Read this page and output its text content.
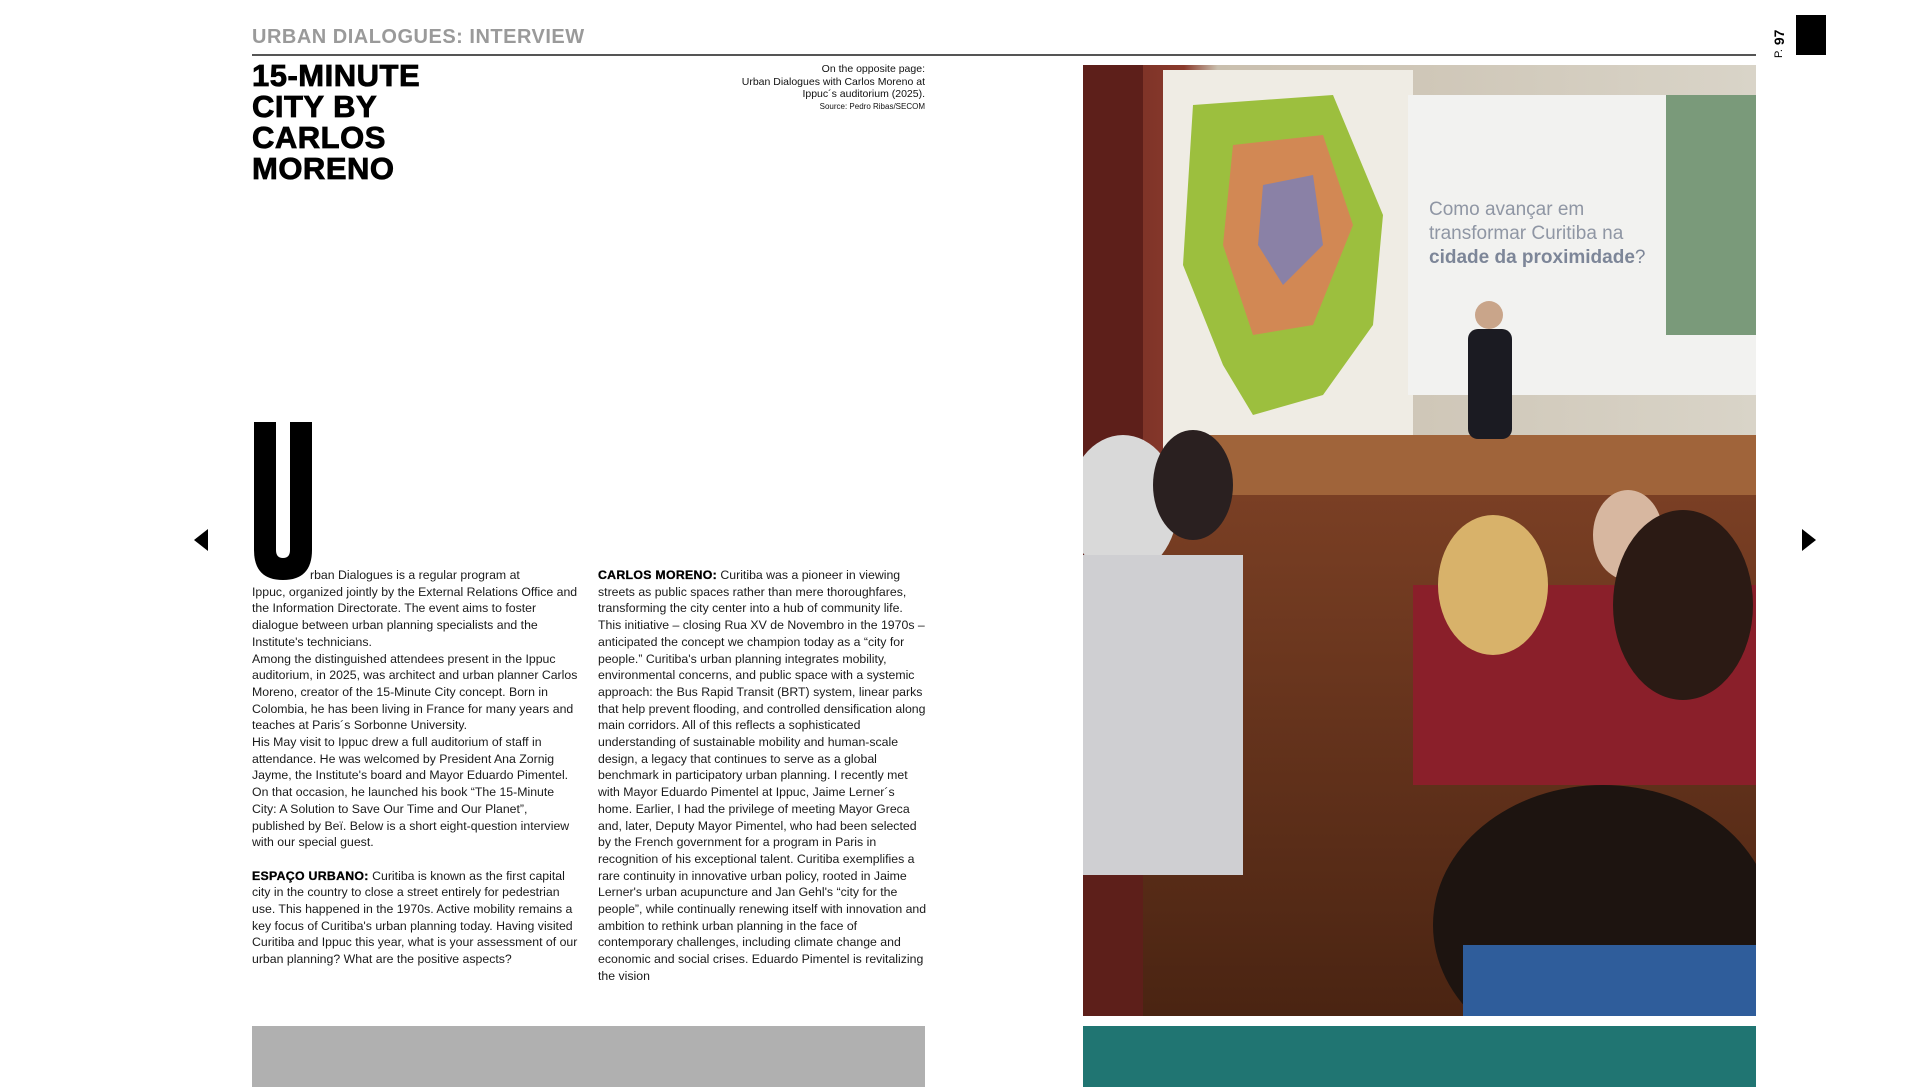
URBAN DIALOGUES: INTERVIEW
P. 97
15-MINUTE
CITY BY
CARLOS
MORENO
On the opposite page:
Urban Dialogues with Carlos Moreno at
Ippuc´s auditorium (2025).
Source: Pedro Ribas/SECOM

rban Dialogues is a regular program at
Ippuc, organized jointly by the External Relations Office and the Information Directorate. The event aims to foster dialogue between urban planning specialists and the Institute's technicians.

Among the distinguished attendees present in the Ippuc auditorium, in 2025, was architect and urban planner Carlos Moreno, creator of the 15-Minute City concept. Born in Colombia, he has been living in France for many years and teaches at Paris´s Sorbonne University.

His May visit to Ippuc drew a full auditorium of staff in attendance. He was welcomed by President Ana Zornig Jayme, the Institute's board and Mayor Eduardo Pimentel.

On that occasion, he launched his book “The 15-Minute City: A Solution to Save Our Time and Our Planet”, published by Beï. Below is a short eight-question interview with our special guest.

ESPAÇO URBANO: Curitiba is known as the first capital city in the country to close a street entirely for pedestrian use. This happened in the 1970s. Active mobility remains a key focus of Curitiba's urban planning today. Having visited Curitiba and Ippuc this year, what is your assessment of our urban planning? What are the positive aspects?

CARLOS MORENO: Curitiba was a pioneer in viewing streets as public spaces rather than mere thoroughfares, transforming the city center into a hub of community life. This initiative – closing Rua XV de Novembro in the 1970s – anticipated the concept we champion today as a “city for people.” Curitiba's urban planning integrates mobility, environmental concerns, and public space with a systemic approach: the Bus Rapid Transit (BRT) system, linear parks that help prevent flooding, and controlled densification along main corridors. All of this reflects a sophisticated understanding of sustainable mobility and human-scale design, a legacy that continues to serve as a global benchmark in participatory urban planning. I recently met with Mayor Eduardo Pimentel at Ippuc, Jaime Lerner´s home. Earlier, I had the privilege of meeting Mayor Greca and, later, Deputy Mayor Pimentel, who had been selected by the French government for a program in Paris in recognition of his exceptional talent. Curitiba exemplifies a rare continuity in innovative urban policy, rooted in Jaime Lerner's urban acupuncture and Jan Gehl's “city for the people”, while continually renewing itself with innovation and ambition to rethink urban planning in the face of contemporary challenges, including climate change and economic and social crises. Eduardo Pimentel is revitalizing the vision

Como avançar em
transformar Curitiba na
cidade da proximidade?
